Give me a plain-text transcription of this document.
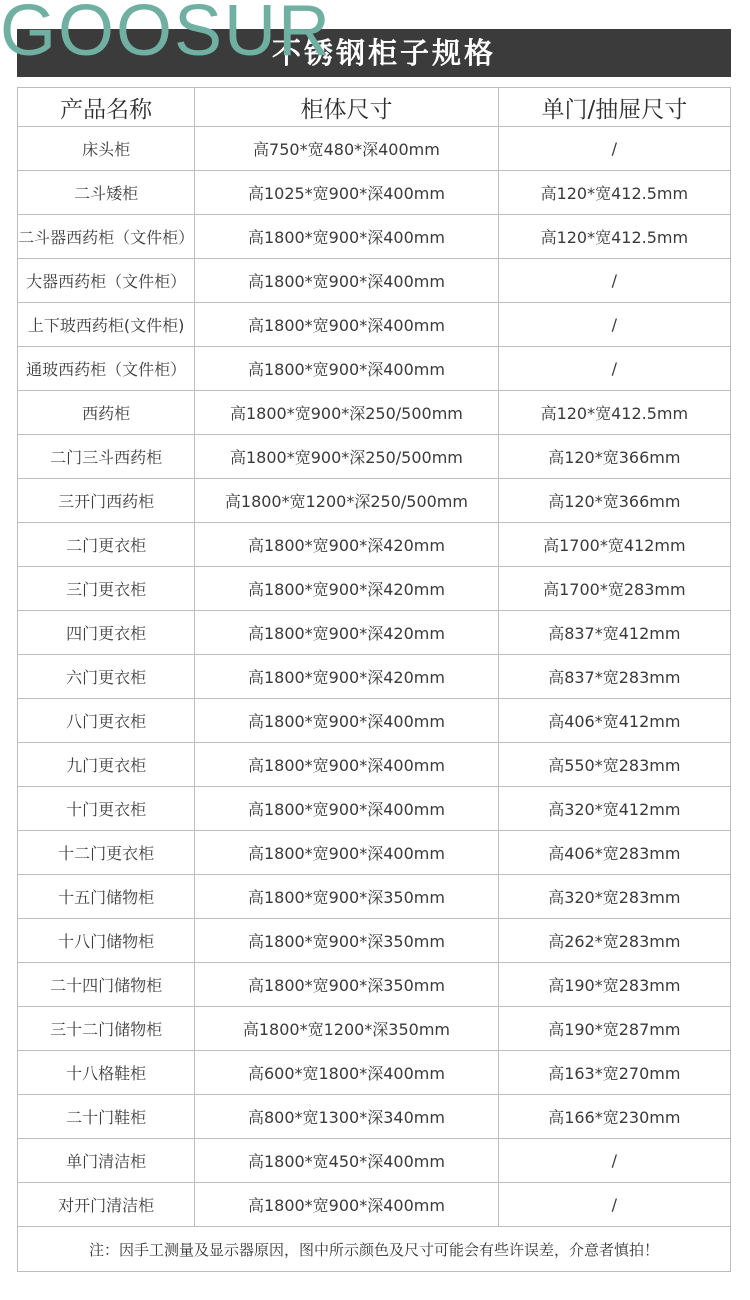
GOOSUR
不锈钢柜子规格
产品名称	柜体尺寸	单门/抽屉尺寸
床头柜	高750*宽480*深400mm	/
二斗矮柜	高1025*宽900*深400mm	高120*宽412.5mm
二斗器西药柜（文件柜）	高1800*宽900*深400mm	高120*宽412.5mm
大器西药柜（文件柜）	高1800*宽900*深400mm	/
上下玻西药柜(文件柜)	高1800*宽900*深400mm	/
通玻西药柜（文件柜）	高1800*宽900*深400mm	/
西药柜	高1800*宽900*深250/500mm	高120*宽412.5mm
二门三斗西药柜	高1800*宽900*深250/500mm	高120*宽366mm
三开门西药柜	高1800*宽1200*深250/500mm	高120*宽366mm
二门更衣柜	高1800*宽900*深420mm	高1700*宽412mm
三门更衣柜	高1800*宽900*深420mm	高1700*宽283mm
四门更衣柜	高1800*宽900*深420mm	高837*宽412mm
六门更衣柜	高1800*宽900*深420mm	高837*宽283mm
八门更衣柜	高1800*宽900*深400mm	高406*宽412mm
九门更衣柜	高1800*宽900*深400mm	高550*宽283mm
十门更衣柜	高1800*宽900*深400mm	高320*宽412mm
十二门更衣柜	高1800*宽900*深400mm	高406*宽283mm
十五门储物柜	高1800*宽900*深350mm	高320*宽283mm
十八门储物柜	高1800*宽900*深350mm	高262*宽283mm
二十四门储物柜	高1800*宽900*深350mm	高190*宽283mm
三十二门储物柜	高1800*宽1200*深350mm	高190*宽287mm
十八格鞋柜	高600*宽1800*深400mm	高163*宽270mm
二十门鞋柜	高800*宽1300*深340mm	高166*宽230mm
单门清洁柜	高1800*宽450*深400mm	/
对开门清洁柜	高1800*宽900*深400mm	/
注：因手工测量及显示器原因，图中所示颜色及尺寸可能会有些许误差，介意者慎拍！		
